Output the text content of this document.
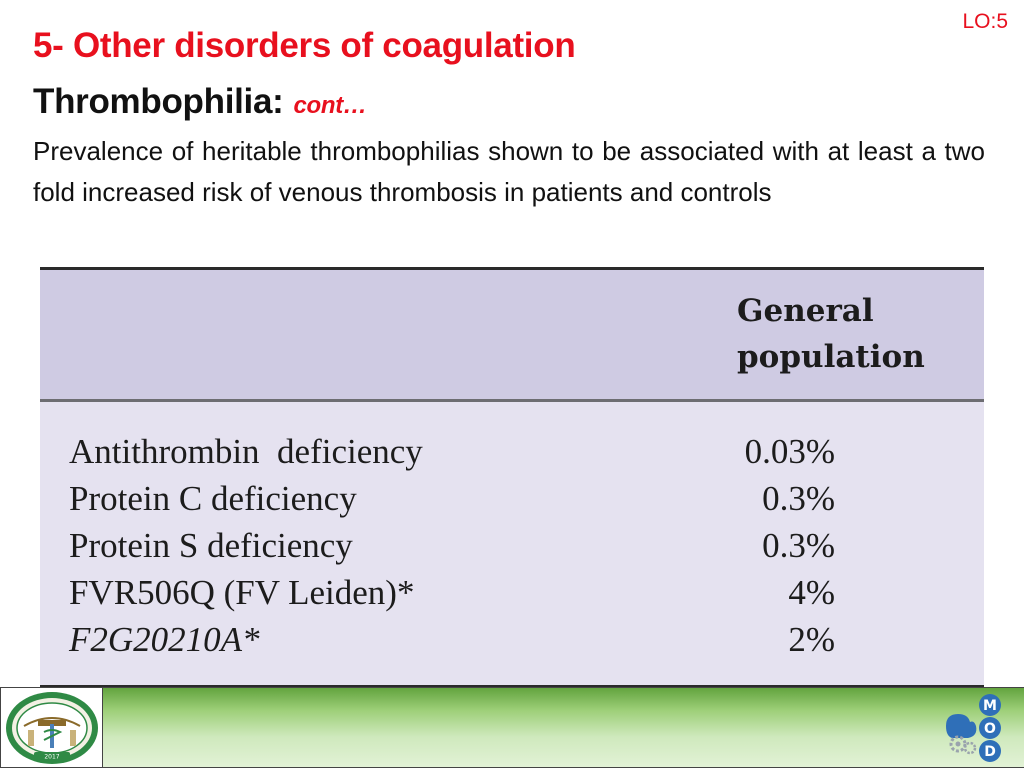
LO:5
5- Other disorders of coagulation
Thrombophilia: cont…
Prevalence of heritable thrombophilias shown to be associated with at least a two fold increased risk of venous thrombosis in patients and controls
General
population
Antithrombin  deficiency	0.03%
Protein C deficiency	0.3%
Protein S deficiency	0.3%
FVR506Q (FV Leiden)*	4%
F2G20210A*	2%
2017
M
O
D
